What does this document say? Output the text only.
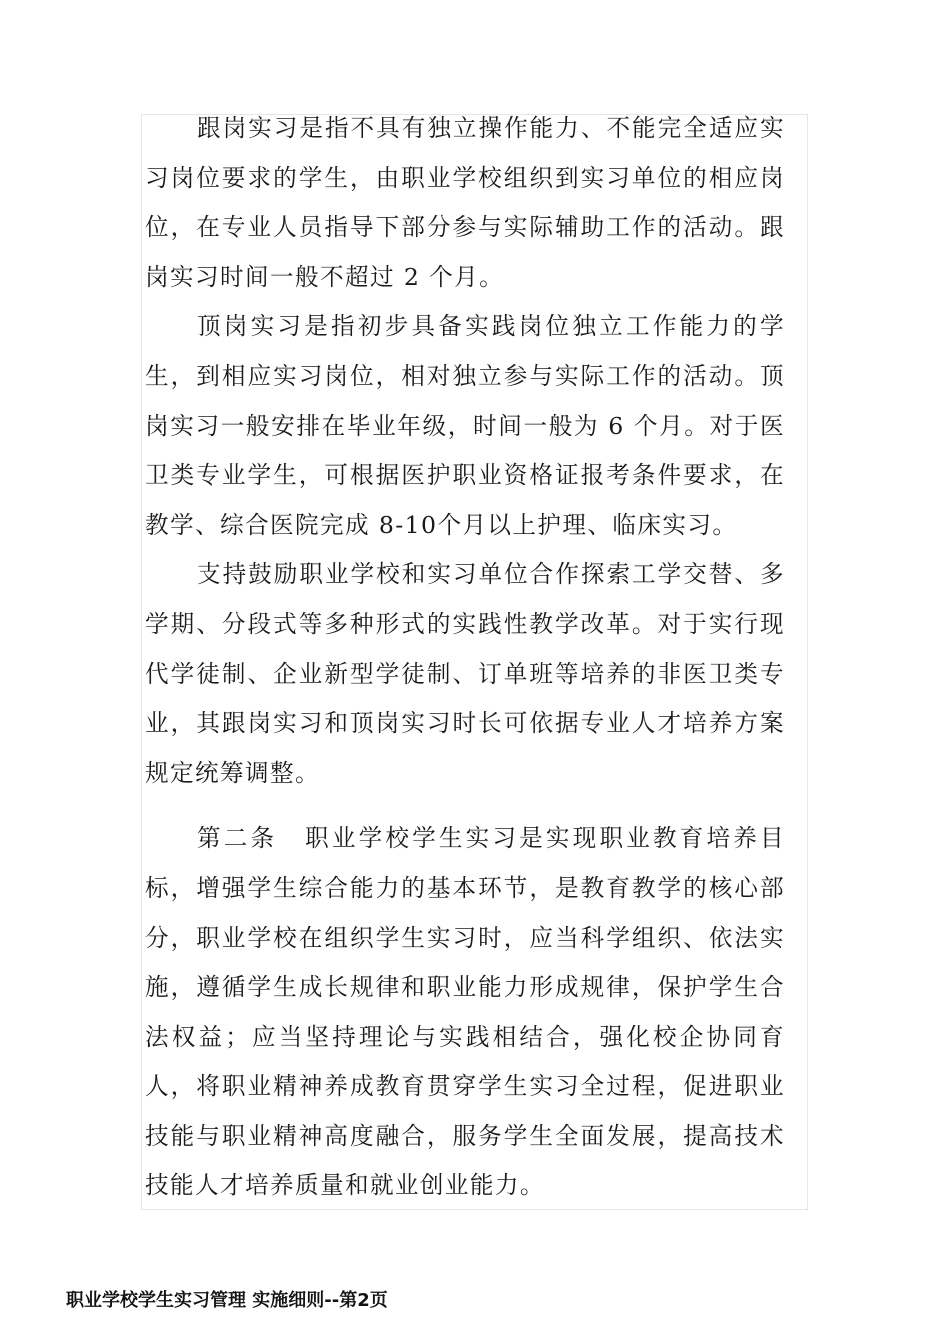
跟岗实习是指不具有独立操作能力、不能完全适应实习岗位要求的学生，由职业学校组织到实习单位的相应岗位，在专业人员指导下部分参与实际辅助工作的活动。跟岗实习时间一般不超过 2 个月。

顶岗实习是指初步具备实践岗位独立工作能力的学生，到相应实习岗位，相对独立参与实际工作的活动。顶岗实习一般安排在毕业年级，时间一般为 6 个月。对于医卫类专业学生，可根据医护职业资格证报考条件要求，在教学、综合医院完成 8-10个月以上护理、临床实习。

支持鼓励职业学校和实习单位合作探索工学交替、多学期、分段式等多种形式的实践性教学改革。对于实行现代学徒制、企业新型学徒制、订单班等培养的非医卫类专业，其跟岗实习和顶岗实习时长可依据专业人才培养方案规定统筹调整。

第二条 职业学校学生实习是实现职业教育培养目标，增强学生综合能力的基本环节，是教育教学的核心部分，职业学校在组织学生实习时，应当科学组织、依法实施，遵循学生成长规律和职业能力形成规律，保护学生合法权益；应当坚持理论与实践相结合，强化校企协同育人，将职业精神养成教育贯穿学生实习全过程，促进职业技能与职业精神高度融合，服务学生全面发展，提高技术技能人才培养质量和就业创业能力。

职业学校学生实习管理 实施细则--第2页
